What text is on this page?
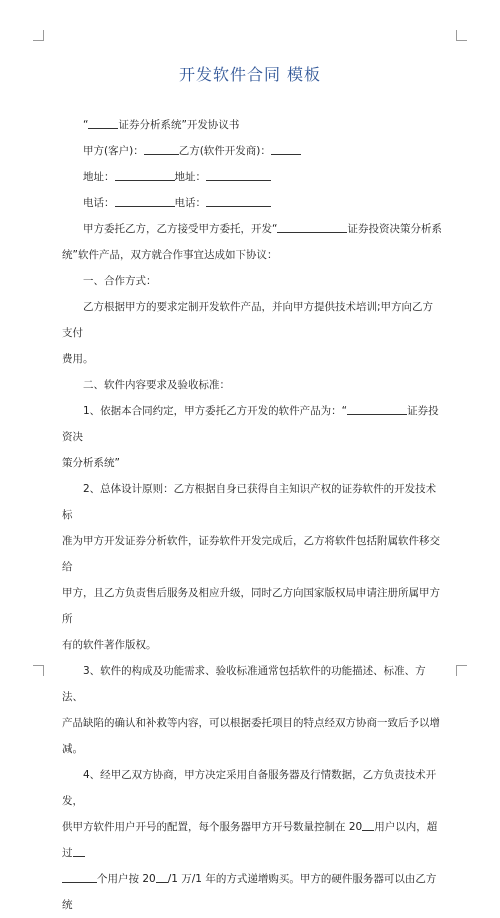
开发软件合同 模板

“	证券分析系统”开发协议书

甲方(客户)：	乙方(软件开发商)：

地址：	地址：

电话：	电话：

甲方委托乙方，乙方接受甲方委托，开发“	证券投资决策分析系

统”软件产品，双方就合作事宜达成如下协议：

一、合作方式：

乙方根据甲方的要求定制开发软件产品，并向甲方提供技术培训;甲方向乙方支付

费用。

二、软件内容要求及验收标准：

1、依据本合同约定，甲方委托乙方开发的软件产品为：“	证券投资决

策分析系统”

2、总体设计原则：乙方根据自身已获得自主知识产权的证券软件的开发技术标

准为甲方开发证券分析软件，证券软件开发完成后，乙方将软件包括附属软件移交给

甲方，且乙方负责售后服务及相应升级，同时乙方向国家版权局申请注册所属甲方所

有的软件著作版权。

3、软件的构成及功能需求、验收标准通常包括软件的功能描述、标准、方法、

产品缺陷的确认和补救等内容，可以根据委托项目的特点经双方协商一致后予以增减。

4、经甲乙双方协商，甲方决定采用自备服务器及行情数据，乙方负责技术开发，

供甲方软件用户开号的配置，每个服务器甲方开号数量控制在 20 用户以内，超过

个用户按 20 /1 万/1 年的方式递增购买。甲方的硬件服务器可以由乙方统
